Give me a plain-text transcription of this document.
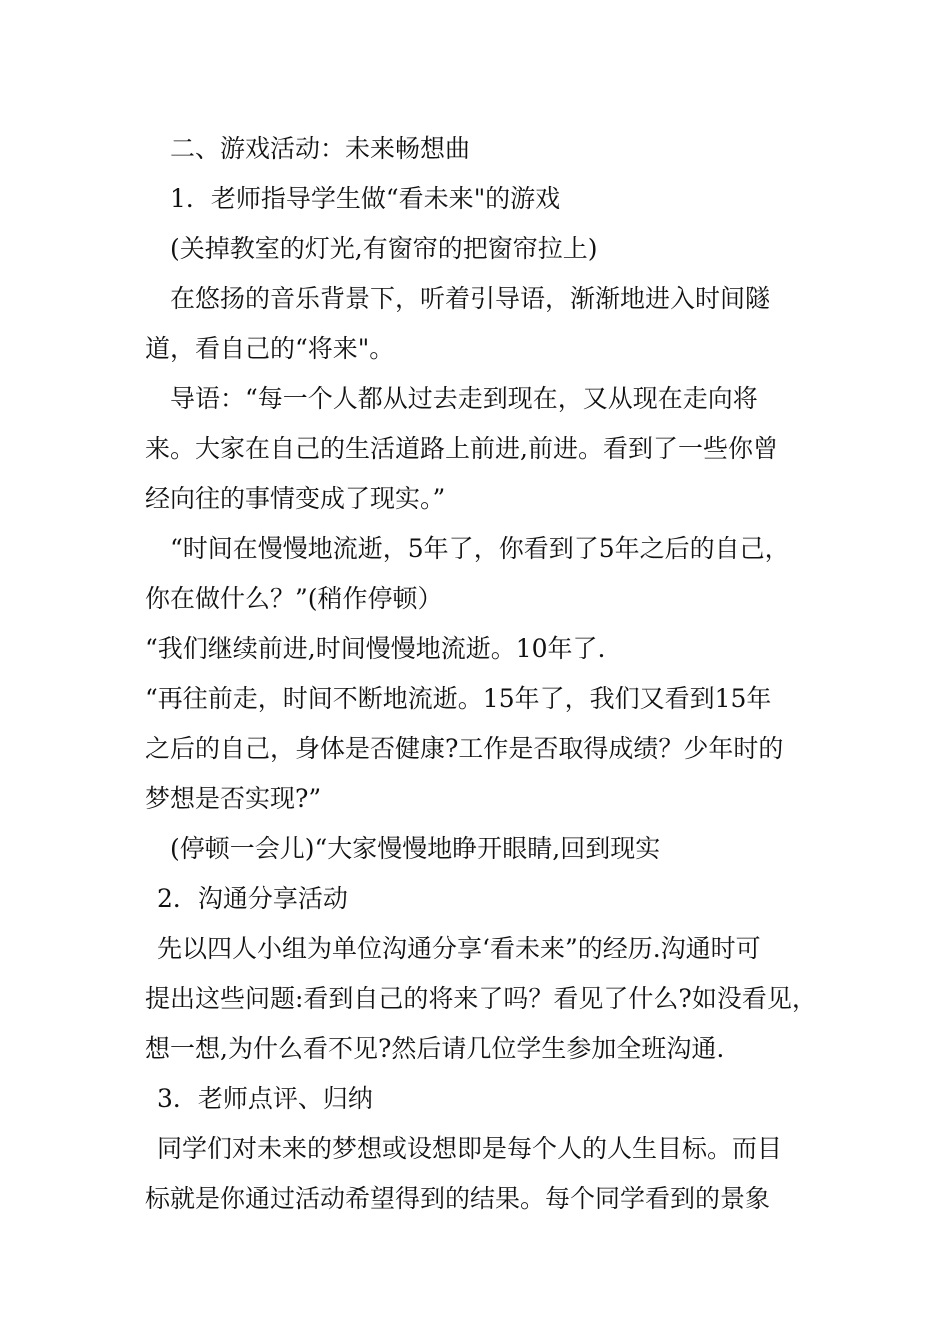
二、游戏活动：未来畅想曲
1．老师指导学生做“看未来"的游戏
(关掉教室的灯光,有窗帘的把窗帘拉上)
在悠扬的音乐背景下，听着引导语，渐渐地进入时间隧
道，看自己的“将来"。
导语：“每一个人都从过去走到现在，又从现在走向将
来。大家在自己的生活道路上前进,前进。看到了一些你曾
经向往的事情变成了现实。”
“时间在慢慢地流逝，5年了，你看到了5年之后的自己，
你在做什么？”(稍作停顿）
“我们继续前进,时间慢慢地流逝。10年了.
“再往前走，时间不断地流逝。15年了，我们又看到15年
之后的自己，身体是否健康?工作是否取得成绩？少年时的
梦想是否实现?”
(停顿一会儿)“大家慢慢地睁开眼睛,回到现实
2．沟通分享活动
先以四人小组为单位沟通分享‘看未来”的经历.沟通时可
提出这些问题:看到自己的将来了吗？看见了什么?如没看见，
想一想,为什么看不见?然后请几位学生参加全班沟通.
3．老师点评、归纳
同学们对未来的梦想或设想即是每个人的人生目标。而目
标就是你通过活动希望得到的结果。每个同学看到的景象
